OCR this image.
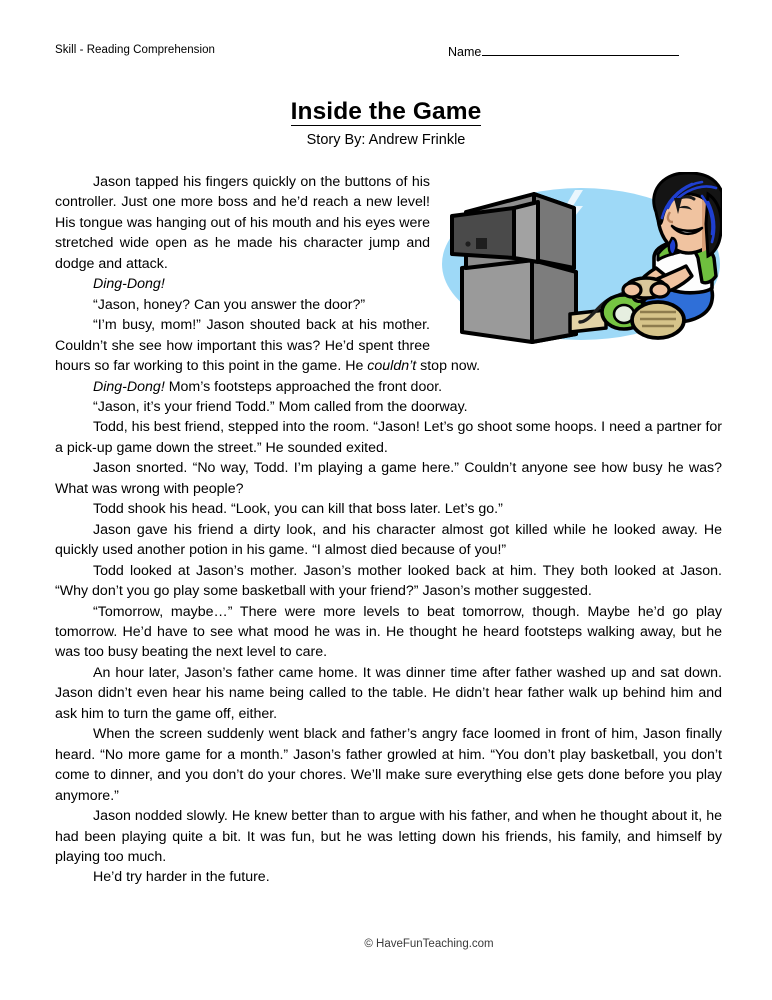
Skill - Reading Comprehension	Name
Inside the Game
Story By: Andrew Frinkle

Jason tapped his fingers quickly on the buttons of his controller. Just one more boss and he’d reach a new level! His tongue was hanging out of his mouth and his eyes were stretched wide open as he made his character jump and dodge and attack.

Ding-Dong!

“Jason, honey? Can you answer the door?”

“I’m busy, mom!” Jason shouted back at his mother. Couldn’t she see how important this was? He’d spent three hours so far working to this point in the game. He couldn’t stop now.

Ding-Dong! Mom’s footsteps approached the front door.

“Jason, it’s your friend Todd.” Mom called from the doorway.

Todd, his best friend, stepped into the room. “Jason! Let’s go shoot some hoops. I need a partner for a pick-up game down the street.” He sounded exited.

Jason snorted. “No way, Todd. I’m playing a game here.” Couldn’t anyone see how busy he was? What was wrong with people?

Todd shook his head. “Look, you can kill that boss later. Let’s go.”

Jason gave his friend a dirty look, and his character almost got killed while he looked away. He quickly used another potion in his game. “I almost died because of you!”

Todd looked at Jason’s mother. Jason’s mother looked back at him. They both looked at Jason. “Why don’t you go play some basketball with your friend?” Jason’s mother suggested.

“Tomorrow, maybe…” There were more levels to beat tomorrow, though. Maybe he’d go play tomorrow. He’d have to see what mood he was in. He thought he heard footsteps walking away, but he was too busy beating the next level to care.

An hour later, Jason’s father came home. It was dinner time after father washed up and sat down. Jason didn’t even hear his name being called to the table. He didn’t hear father walk up behind him and ask him to turn the game off, either.

When the screen suddenly went black and father’s angry face loomed in front of him, Jason finally heard. “No more game for a month.” Jason’s father growled at him. “You don’t play basketball, you don’t come to dinner, and you don’t do your chores. We’ll make sure everything else gets done before you play anymore.”

Jason nodded slowly. He knew better than to argue with his father, and when he thought about it, he had been playing quite a bit. It was fun, but he was letting down his friends, his family, and himself by playing too much.

He’d try harder in the future.

© HaveFunTeaching.com
